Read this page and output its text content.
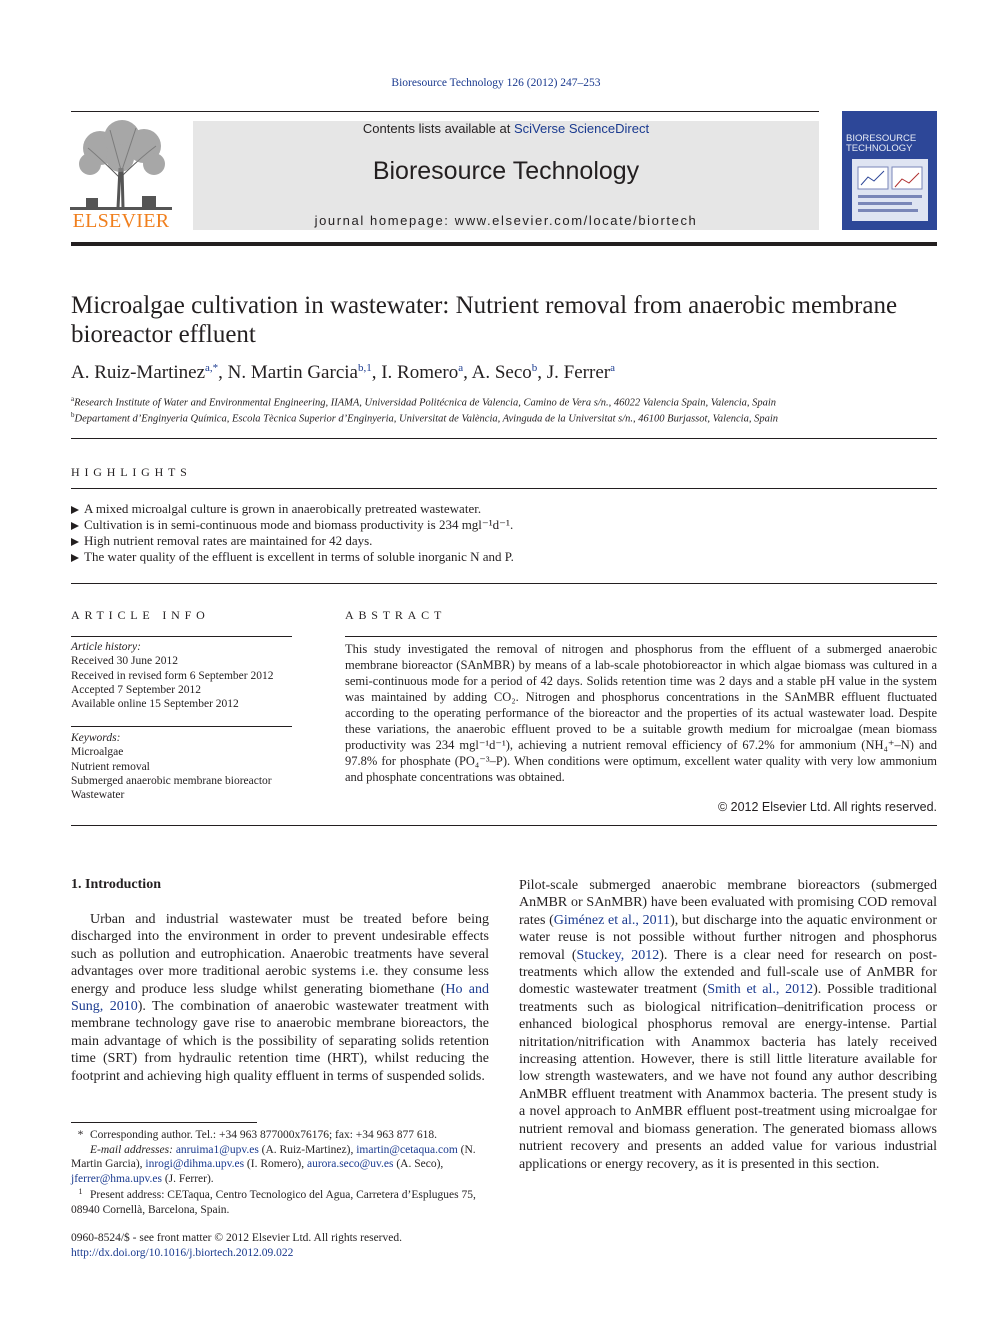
Bioresource Technology 126 (2012) 247–253
ELSEVIER
Contents lists available at SciVerse ScienceDirect
Bioresource Technology
journal homepage: www.elsevier.com/locate/biortech
BIORESOURCE TECHNOLOGY
Microalgae cultivation in wastewater: Nutrient removal from anaerobic membrane bioreactor effluent
A. Ruiz-Martinez$^{a,*}$, N. Martin Garcia$^{b,1}$, I. Romero$^a$, A. Seco$^b$, J. Ferrer$^a$
$^a$Research Institute of Water and Environmental Engineering, IIAMA, Universidad Politécnica de Valencia, Camino de Vera s/n., 46022 Valencia Spain, Valencia, Spain
$^b$Departament d’Enginyeria Química, Escola Tècnica Superior d’Enginyeria, Universitat de València, Avinguda de la Universitat s/n., 46100 Burjassot, Valencia, Spain
HIGHLIGHTS
A mixed microalgal culture is grown in anaerobically pretreated wastewater.
Cultivation is in semi-continuous mode and biomass productivity is 234 mgl⁻¹d⁻¹.
High nutrient removal rates are maintained for 42 days.
The water quality of the effluent is excellent in terms of soluble inorganic N and P.
ARTICLE INFO
Article history:
Received 30 June 2012
Received in revised form 6 September 2012
Accepted 7 September 2012
Available online 15 September 2012
Keywords:
Microalgae
Nutrient removal
Submerged anaerobic membrane bioreactor
Wastewater
ABSTRACT
This study investigated the removal of nitrogen and phosphorus from the effluent of a submerged anaerobic membrane bioreactor (SAnMBR) by means of a lab-scale photobioreactor in which algae biomass was cultured in a semi-continuous mode for a period of 42 days. Solids retention time was 2 days and a stable pH value in the system was maintained by adding CO₂. Nitrogen and phosphorus concentrations in the SAnMBR effluent fluctuated according to the operating performance of the bioreactor and the properties of its actual wastewater load. Despite these variations, the anaerobic effluent proved to be a suitable growth medium for microalgae (mean biomass productivity was 234 mgl⁻¹d⁻¹), achieving a nutrient removal efficiency of 67.2% for ammonium (NH₄⁺–N) and 97.8% for phosphate (PO₄⁻³–P). When conditions were optimum, excellent water quality with very low ammonium and phosphate concentrations was obtained.
© 2012 Elsevier Ltd. All rights reserved.
1. Introduction
Urban and industrial wastewater must be treated before being discharged into the environment in order to prevent undesirable effects such as pollution and eutrophication. Anaerobic treatments have several advantages over more traditional aerobic systems i.e. they consume less energy and produce less sludge whilst generating biomethane (Ho and Sung, 2010). The combination of anaerobic wastewater treatment with membrane technology gave rise to anaerobic membrane bioreactors, the main advantage of which is the possibility of separating solids retention time (SRT) from hydraulic retention time (HRT), whilst reducing the footprint and achieving high quality effluent in terms of suspended solids.
Pilot-scale submerged anaerobic membrane bioreactors (submerged AnMBR or SAnMBR) have been evaluated with promising COD removal rates (Giménez et al., 2011), but discharge into the aquatic environment or water reuse is not possible without further nitrogen and phosphorus removal (Stuckey, 2012). There is a clear need for research on post-treatments which allow the extended and full-scale use of AnMBR for domestic wastewater treatment (Smith et al., 2012). Possible traditional treatments such as biological nitrification–denitrification process or enhanced biological phosphorus removal are energy-intense. Partial nitritation/nitrification with Anammox bacteria has lately received increasing attention. However, there is still little literature available for low strength wastewaters, and we have not found any author describing AnMBR effluent treatment with Anammox bacteria. The present study is a novel approach to AnMBR effluent post-treatment using microalgae for nutrient removal and biomass generation. The generated biomass allows nutrient recovery and presents an added value for various industrial applications or energy recovery, as it is presented in this section.
* Corresponding author. Tel.: +34 963 877000x76176; fax: +34 963 877 618.
E-mail addresses: anruima1@upv.es (A. Ruiz-Martinez), imartin@cetaqua.com (N. Martin Garcia), inrogi@dihma.upv.es (I. Romero), aurora.seco@uv.es (A. Seco), jferrer@hma.upv.es (J. Ferrer).
1 Present address: CETaqua, Centro Tecnologico del Agua, Carretera d’Esplugues 75, 08940 Cornellà, Barcelona, Spain.
0960-8524/$ - see front matter © 2012 Elsevier Ltd. All rights reserved.
http://dx.doi.org/10.1016/j.biortech.2012.09.022
